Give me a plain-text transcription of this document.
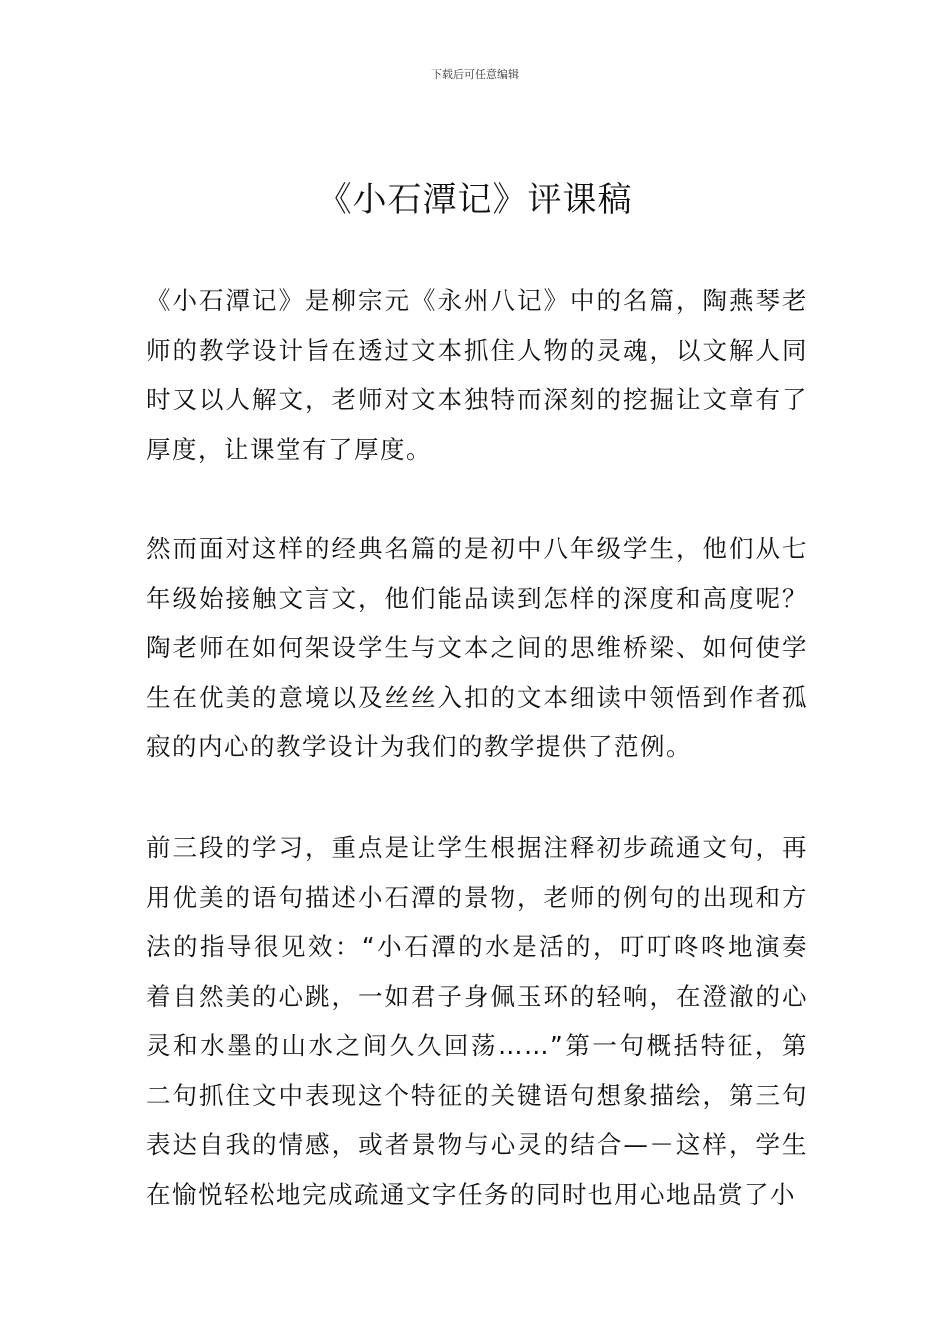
下载后可任意编辑
《小石潭记》评课稿

《小石潭记》是柳宗元《永州八记》中的名篇，陶燕琴老师的教学设计旨在透过文本抓住人物的灵魂，以文解人同时又以人解文，老师对文本独特而深刻的挖掘让文章有了厚度，让课堂有了厚度。

然而面对这样的经典名篇的是初中八年级学生，他们从七年级始接触文言文，他们能品读到怎样的深度和高度呢？陶老师在如何架设学生与文本之间的思维桥梁、如何使学生在优美的意境以及丝丝入扣的文本细读中领悟到作者孤寂的内心的教学设计为我们的教学提供了范例。

前三段的学习，重点是让学生根据注释初步疏通文句，再用优美的语句描述小石潭的景物，老师的例句的出现和方法的指导很见效：“小石潭的水是活的，叮叮咚咚地演奏着自然美的心跳，一如君子身佩玉环的轻响，在澄澈的心灵和水墨的山水之间久久回荡……”第一句概括特征，第二句抓住文中表现这个特征的关键语句想象描绘，第三句表达自我的情感，或者景物与心灵的结合—－这样，学生在愉悦轻松地完成疏通文字任务的同时也用心地品赏了小
